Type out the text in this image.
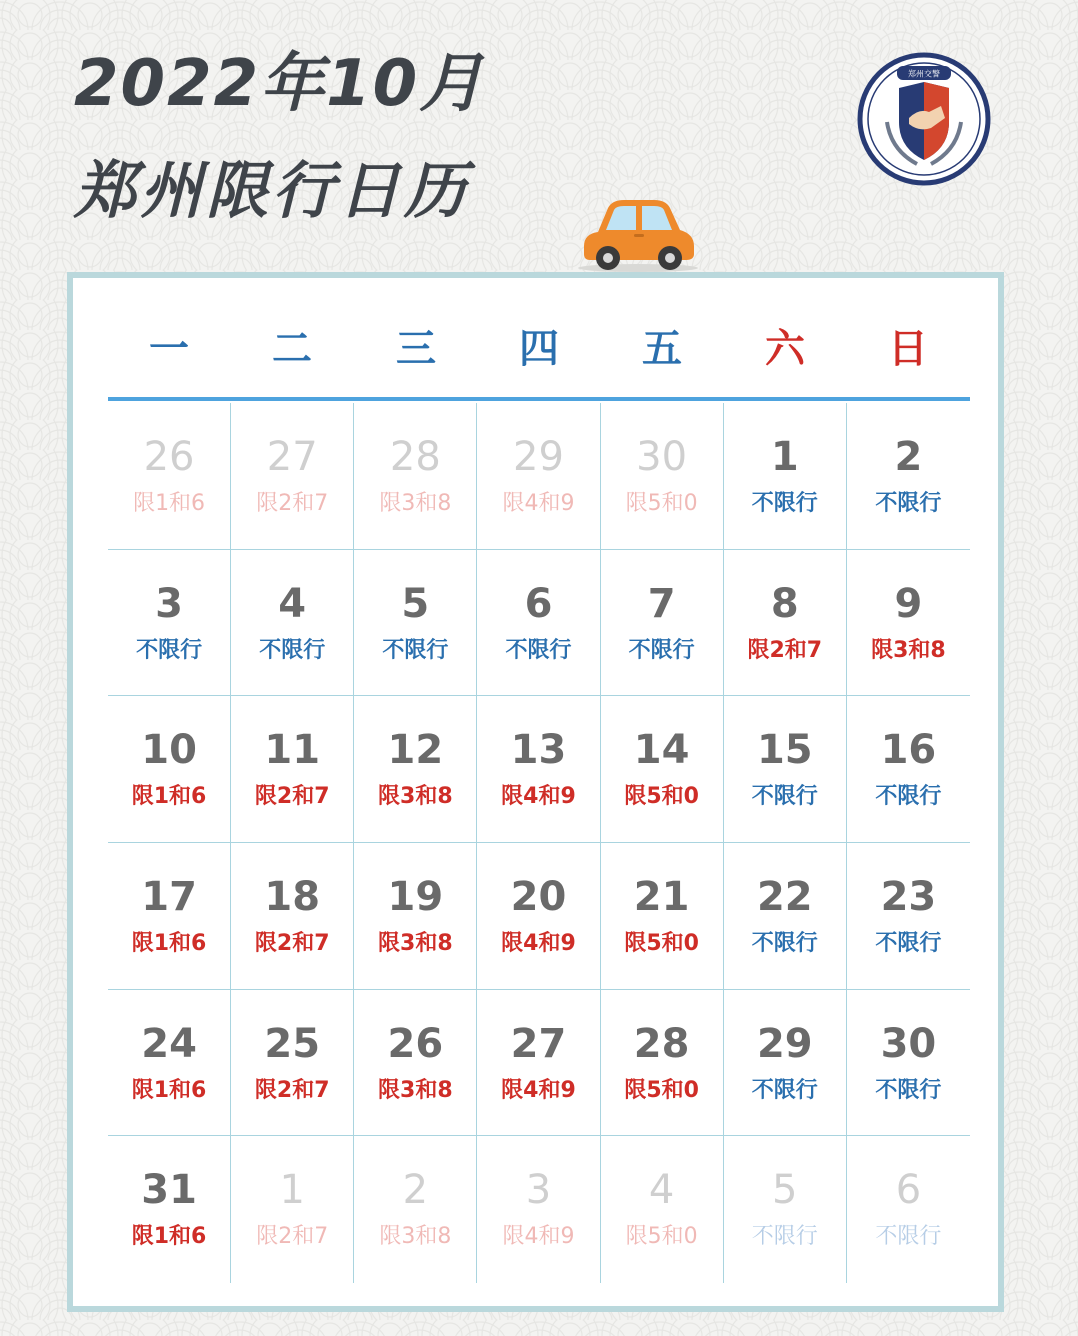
2022年10月
郑州限行日历
郑州交警
一 二 三 四 五 六 日
26
限1和6
27
限2和7
28
限3和8
29
限4和9
30
限5和0
1
不限行
2
不限行
3
不限行
4
不限行
5
不限行
6
不限行
7
不限行
8
限2和7
9
限3和8
10
限1和6
11
限2和7
12
限3和8
13
限4和9
14
限5和0
15
不限行
16
不限行
17
限1和6
18
限2和7
19
限3和8
20
限4和9
21
限5和0
22
不限行
23
不限行
24
限1和6
25
限2和7
26
限3和8
27
限4和9
28
限5和0
29
不限行
30
不限行
31
限1和6
1
限2和7
2
限3和8
3
限4和9
4
限5和0
5
不限行
6
不限行
